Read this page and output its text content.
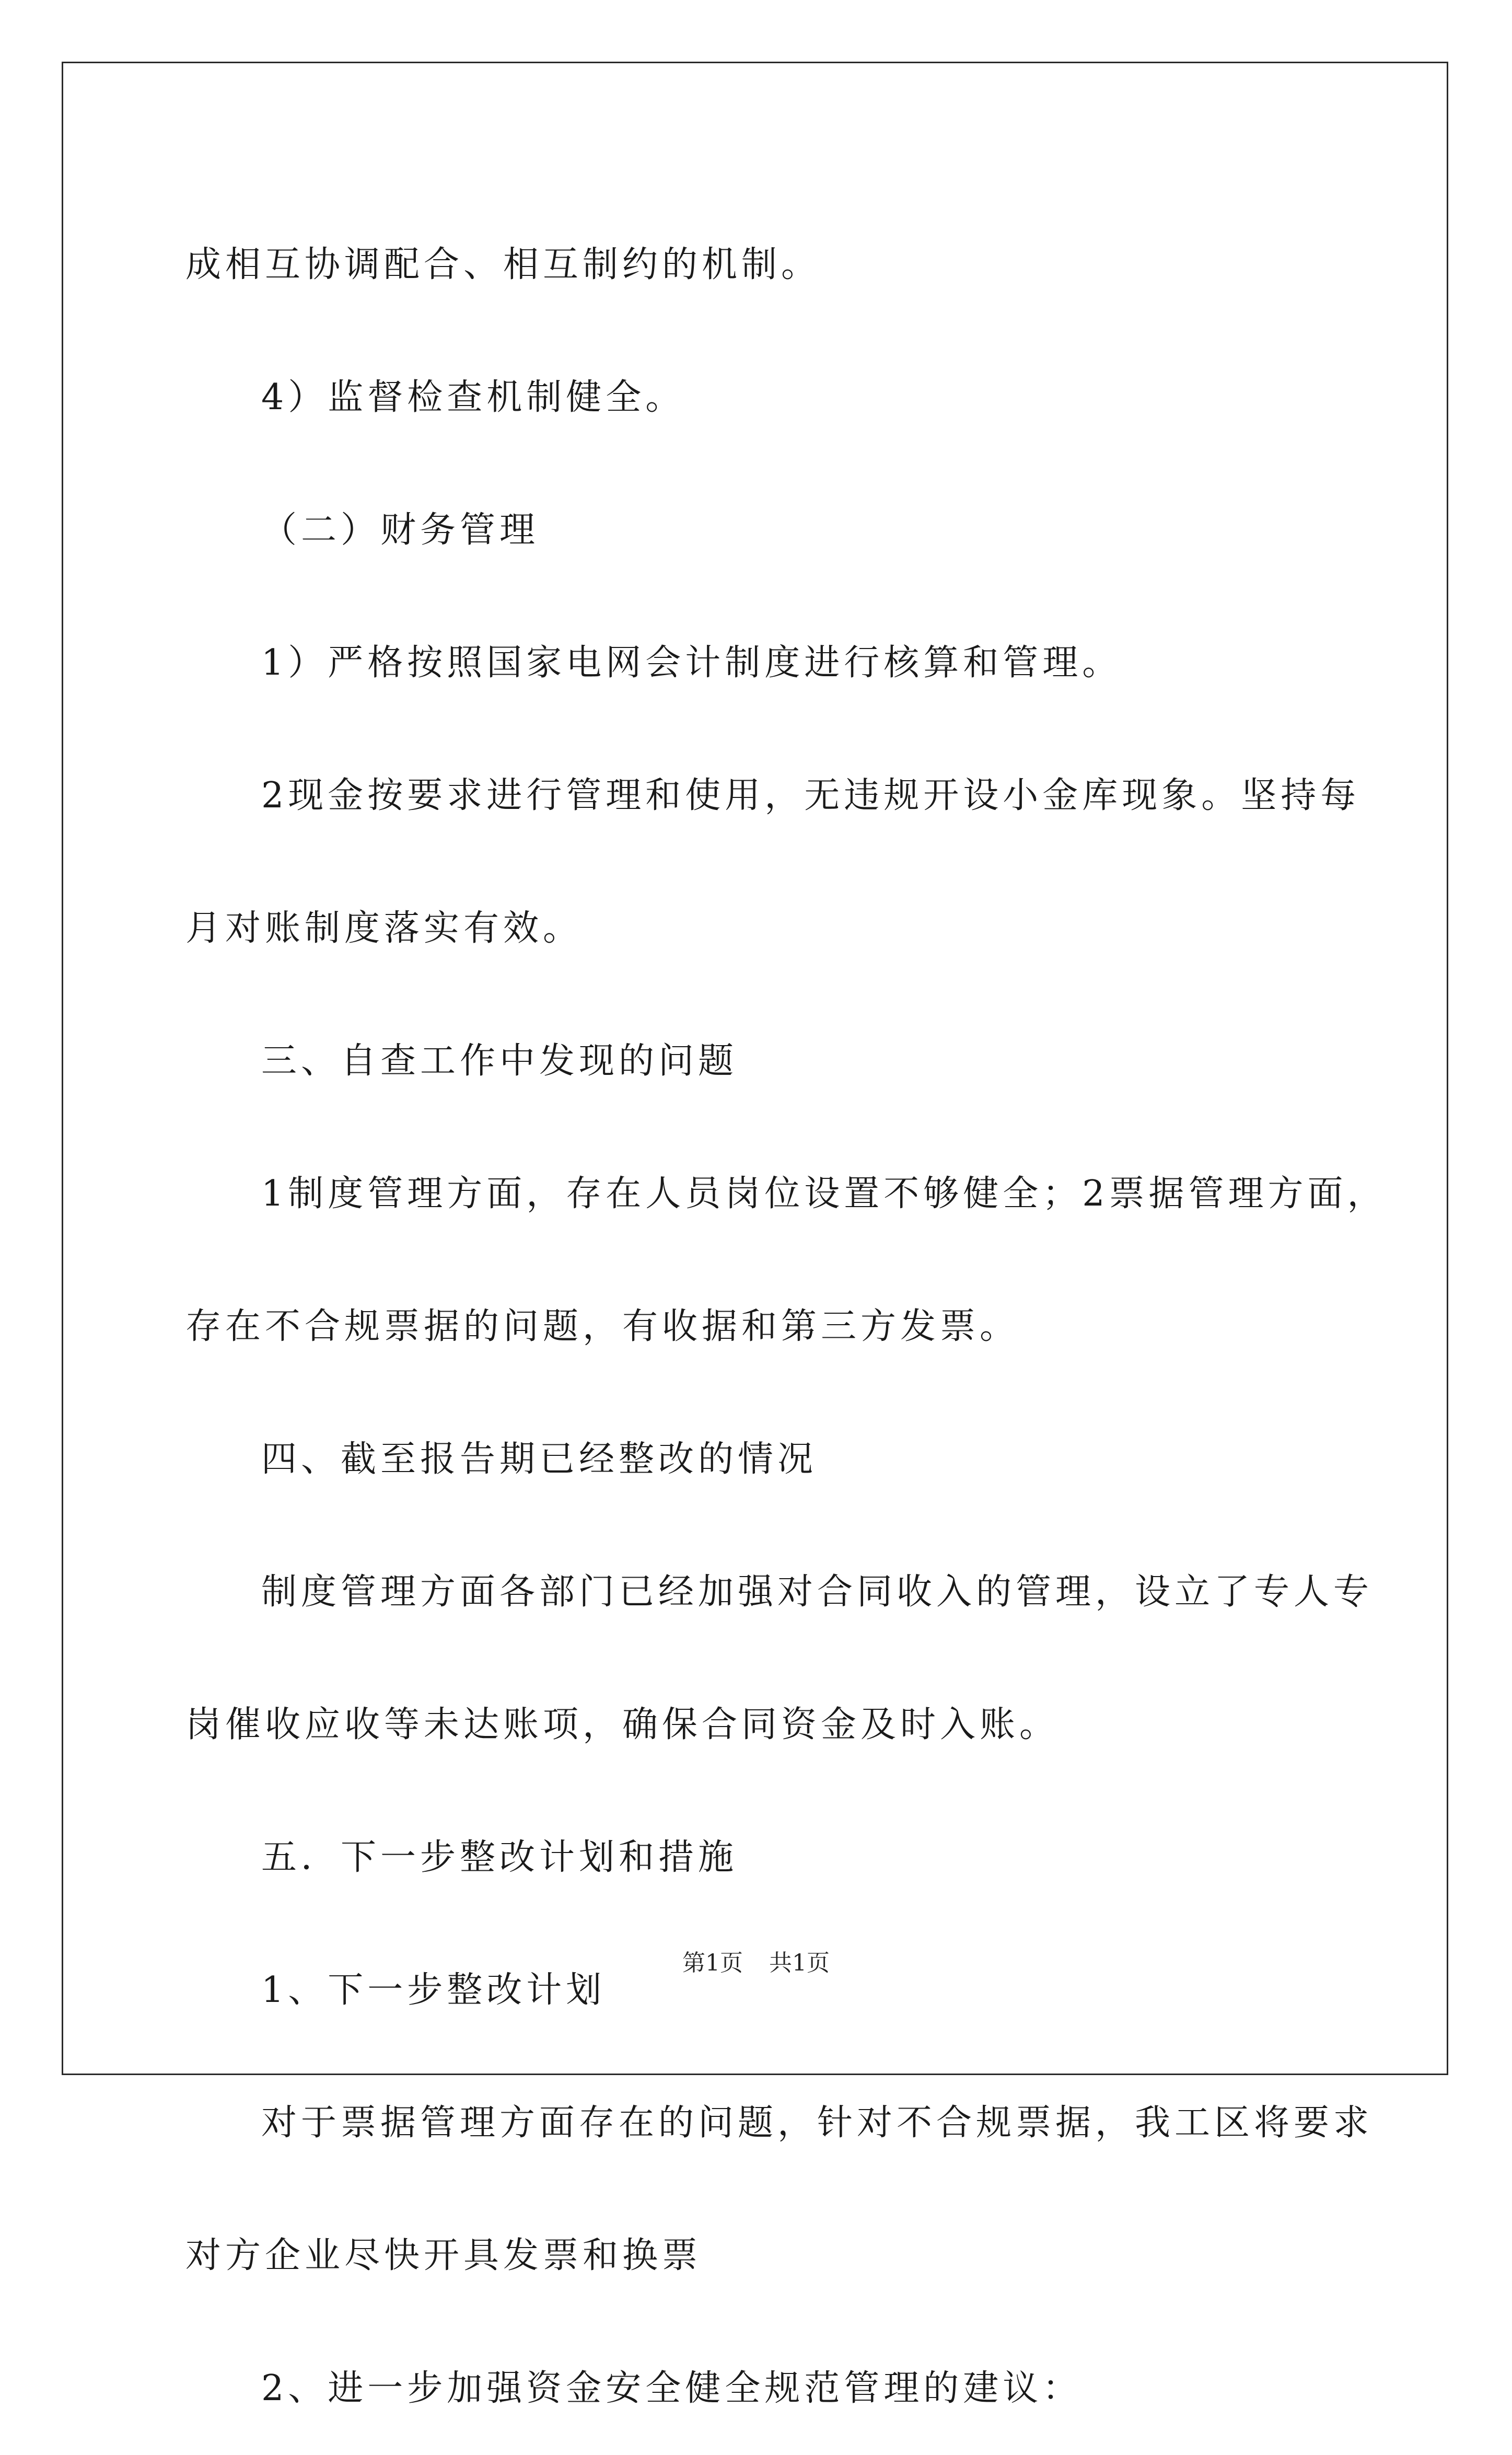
成相互协调配合、相互制约的机制。

4）监督检查机制健全。

（二）财务管理

1）严格按照国家电网会计制度进行核算和管理。

2现金按要求进行管理和使用，无违规开设小金库现象。坚持每

月对账制度落实有效。

三、自查工作中发现的问题

1制度管理方面，存在人员岗位设置不够健全；2票据管理方面，

存在不合规票据的问题，有收据和第三方发票。

四、截至报告期已经整改的情况

制度管理方面各部门已经加强对合同收入的管理，设立了专人专

岗催收应收等未达账项，确保合同资金及时入账。

五．下一步整改计划和措施

1、下一步整改计划

对于票据管理方面存在的问题，针对不合规票据，我工区将要求

对方企业尽快开具发票和换票

2、进一步加强资金安全健全规范管理的建议：

第1页 共1页
